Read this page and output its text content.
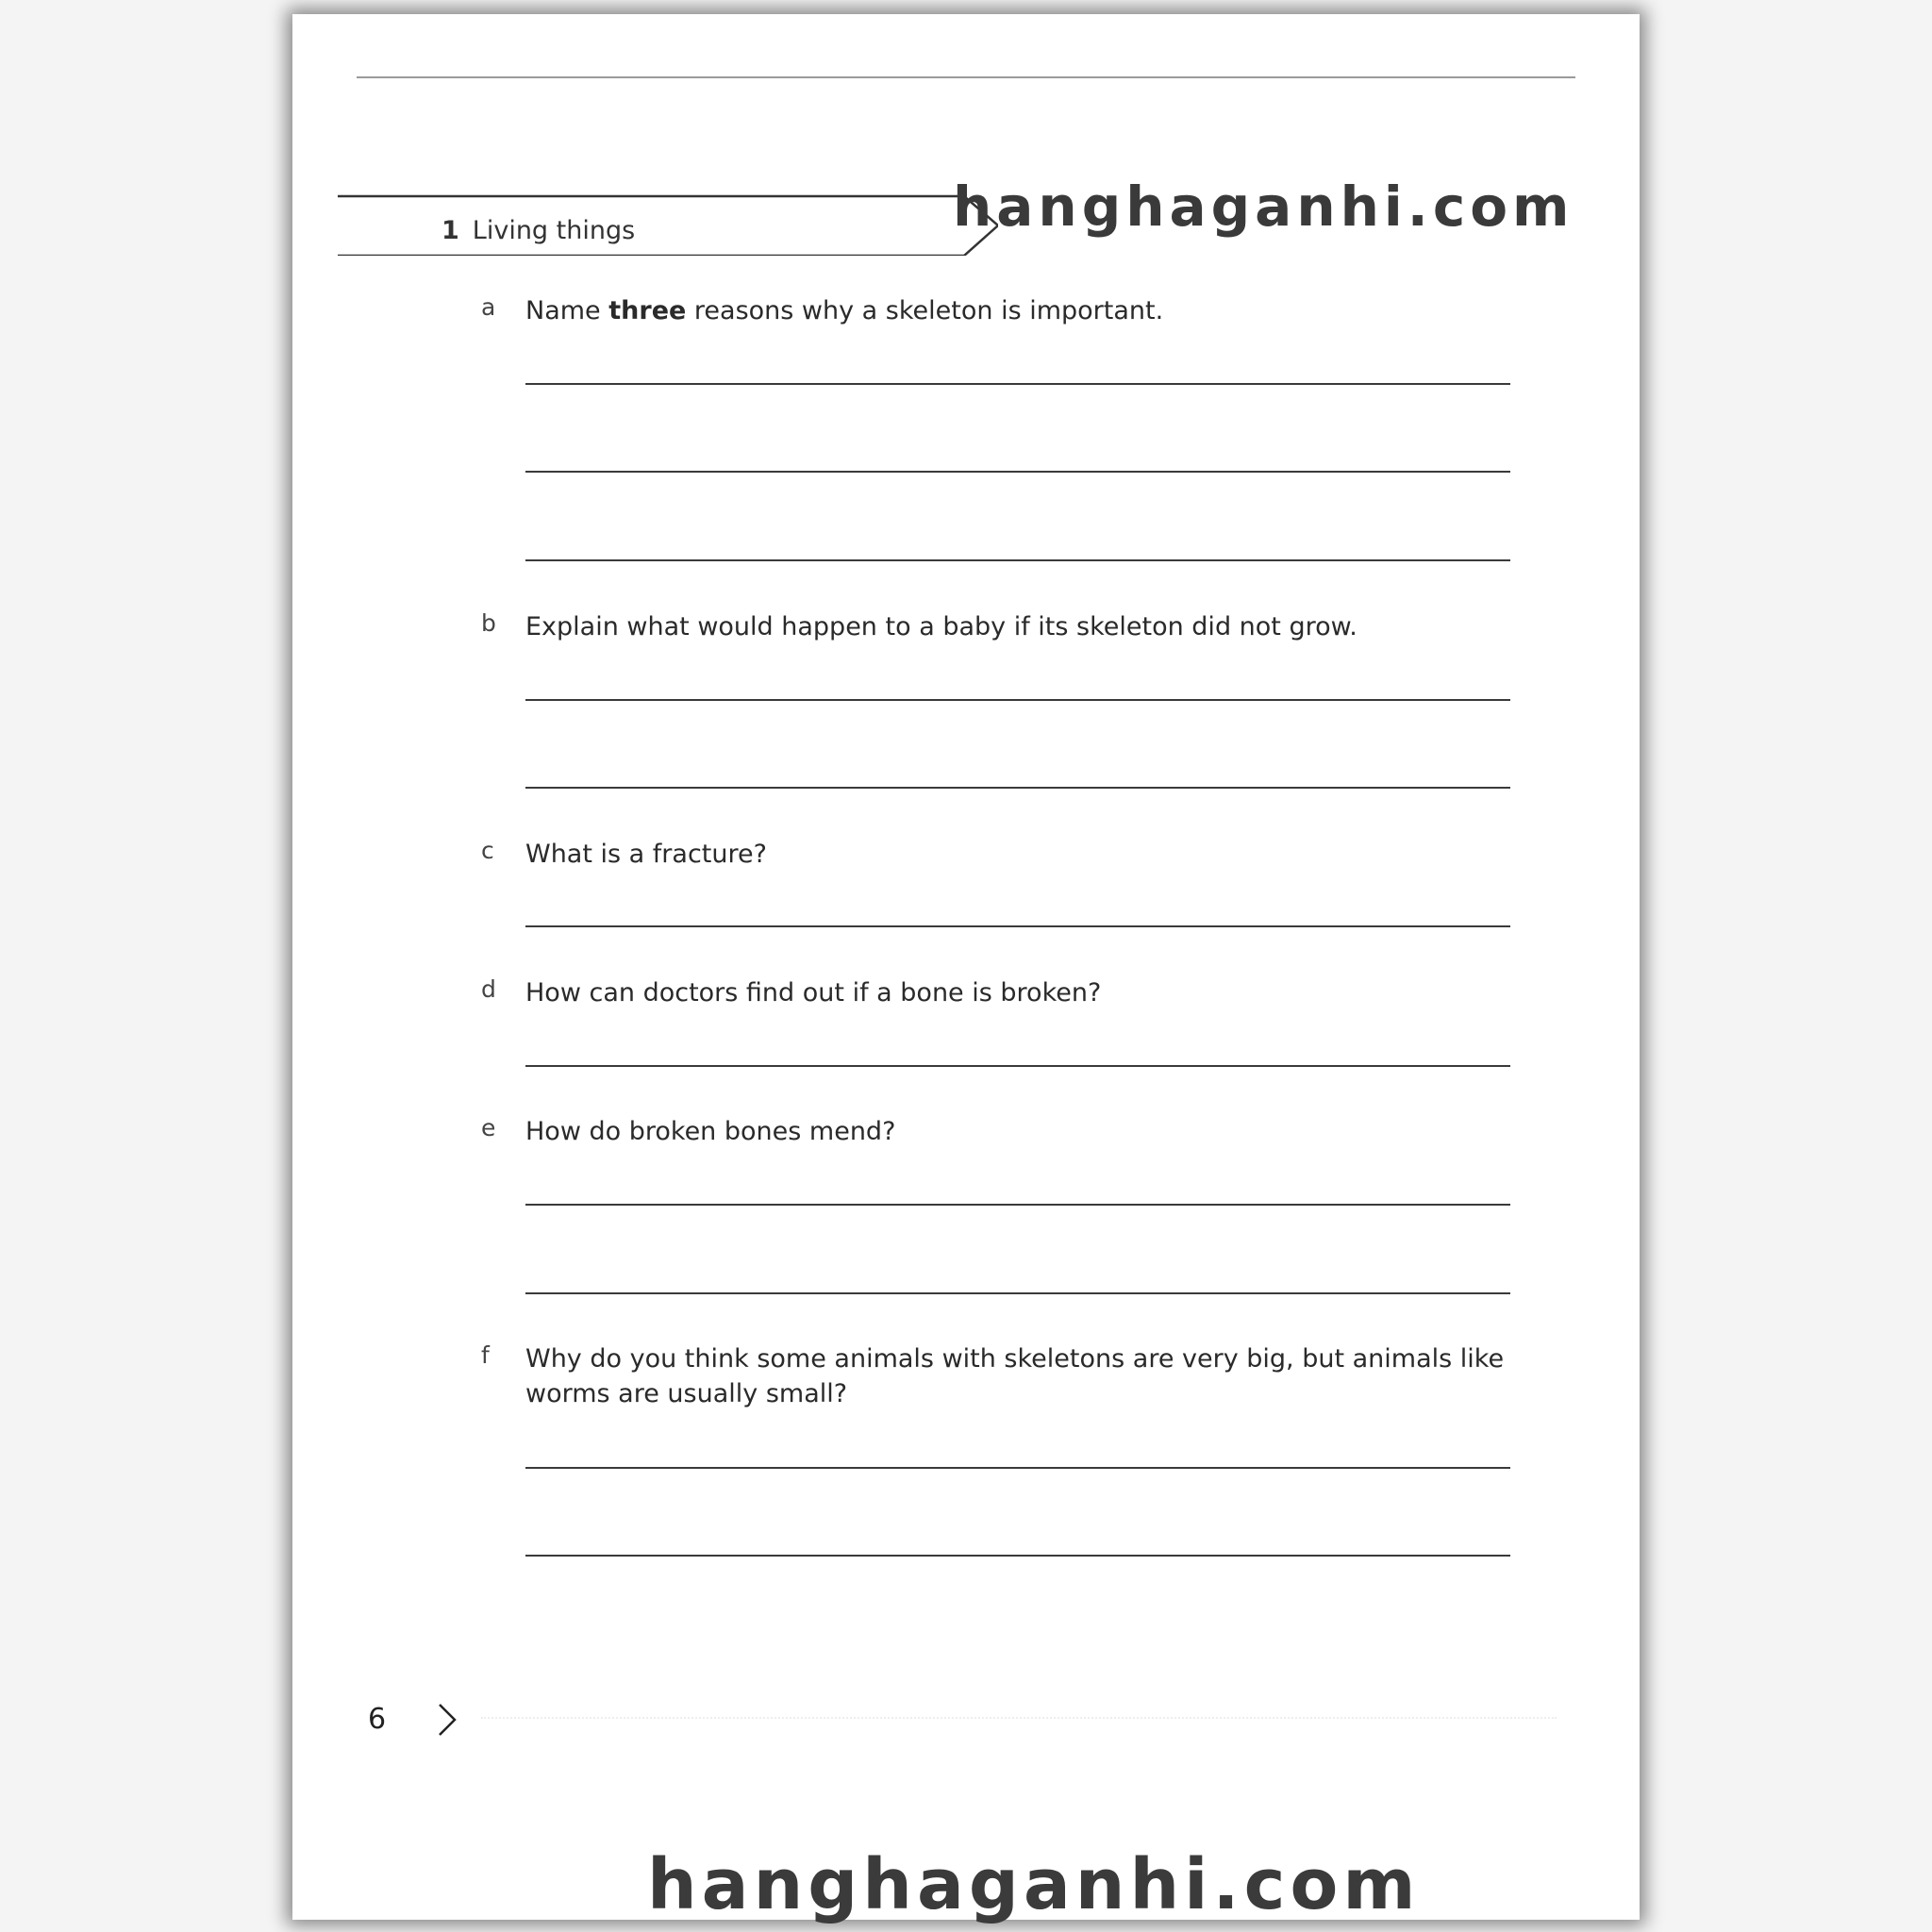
1 Living things	hanghaganhi.com
a Name three reasons why a skeleton is important.
b Explain what would happen to a baby if its skeleton did not grow.
c What is a fracture?
d How can doctors find out if a bone is broken?
e How do broken bones mend?
f Why do you think some animals with skeletons are very big, but animals like worms are usually small?
6
hanghaganhi.com
